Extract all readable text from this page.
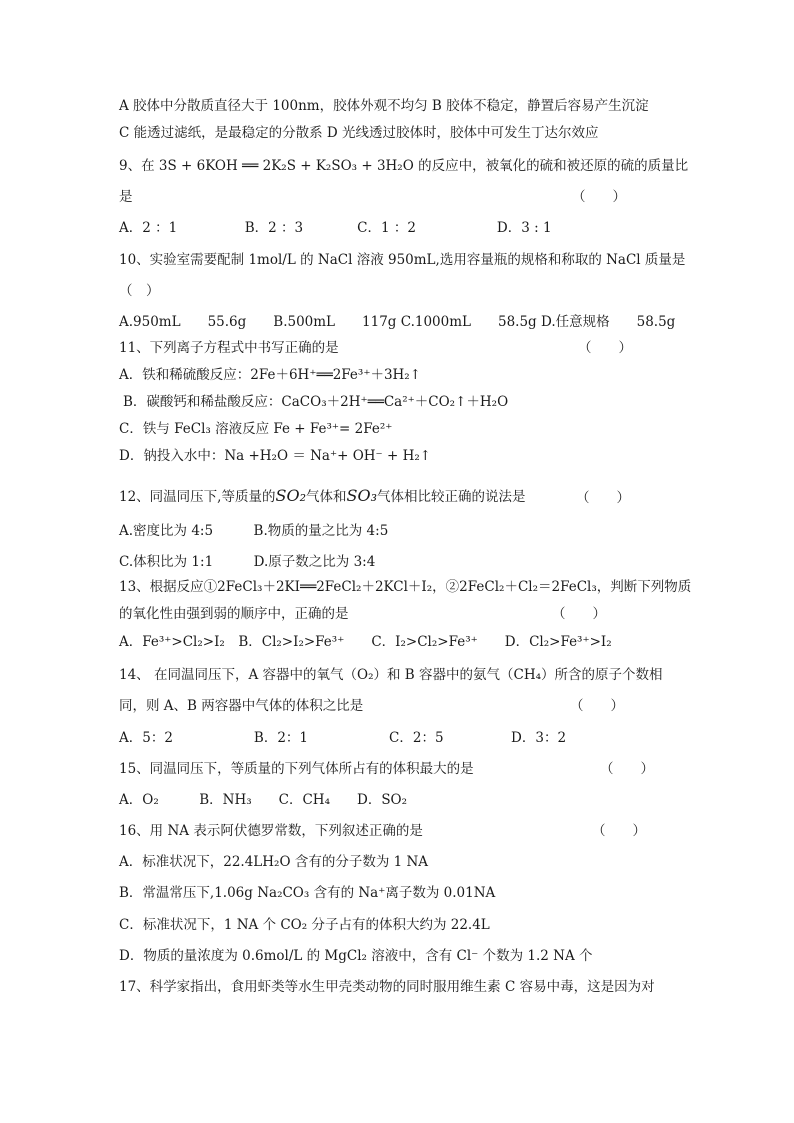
A 胶体中分散质直径大于 100nm，胶体外观不均匀 B 胶体不稳定，静置后容易产生沉淀
C 能透过滤纸，是最稳定的分散系 D 光线透过胶体时，胶体中可发生丁达尔效应
9、在 3S + 6KOH ══ 2K₂S + K₂SO₃ + 3H₂O 的反应中，被氧化的硫和被还原的硫的质量比
是	（　　）
A．2 ：1　　　　　B．2 ：3　　　　C．1 ：2　　　　　　D．3 : 1
10、实验室需要配制 1mol/L 的 NaCl 溶液 950mL,选用容量瓶的规格和称取的 NaCl 质量是
（　）
A.950mL　　55.6g　　B.500mL　　117g C.1000mL　　58.5g D.任意规格　　58.5g
11、下列离子方程式中书写正确的是	（　　）
A．铁和稀硫酸反应：2Fe＋6H⁺══2Fe³⁺＋3H₂↑
B．碳酸钙和稀盐酸反应：CaCO₃＋2H⁺══Ca²⁺＋CO₂↑＋H₂O
C．铁与 FeCl₃ 溶液反应 Fe + Fe³⁺= 2Fe²⁺
D．钠投入水中：Na +H₂O ＝ Na⁺+ OH⁻ + H₂↑
12、同温同压下,等质量的SO₂气体和SO₃气体相比较正确的说法是	（　　）
A.密度比为 4:5　　　B.物质的量之比为 4:5
C.体积比为 1:1　　　D.原子数之比为 3:4
13、根据反应①2FeCl₃＋2KI══2FeCl₂＋2KCl＋I₂，②2FeCl₂＋Cl₂＝2FeCl₃，判断下列物质
的氧化性由强到弱的顺序中，正确的是	（　　）
A．Fe³⁺>Cl₂>I₂　B．Cl₂>I₂>Fe³⁺　　C．I₂>Cl₂>Fe³⁺　　D．Cl₂>Fe³⁺>I₂
14、 在同温同压下，A 容器中的氧气（O₂）和 B 容器中的氨气（CH₄）所含的原子个数相
同，则 A、B 两容器中气体的体积之比是	（　　）
A．5：2　　　　　　B．2：1　　　　　　C．2：5　　　　　D．3：2
15、同温同压下，等质量的下列气体所占有的体积最大的是	（　　）
A．O₂　　　B．NH₃　　C．CH₄　　D．SO₂
16、用 NA 表示阿伏德罗常数，下列叙述正确的是	（　　）
A．标准状况下，22.4LH₂O 含有的分子数为 1 NA
B．常温常压下,1.06g Na₂CO₃ 含有的 Na⁺离子数为 0.01NA
C．标准状况下，1 NA 个 CO₂ 分子占有的体积大约为 22.4L
D．物质的量浓度为 0.6mol/L 的 MgCl₂ 溶液中，含有 Cl⁻ 个数为 1.2 NA 个
17、科学家指出，食用虾类等水生甲壳类动物的同时服用维生素 C 容易中毒，这是因为对
